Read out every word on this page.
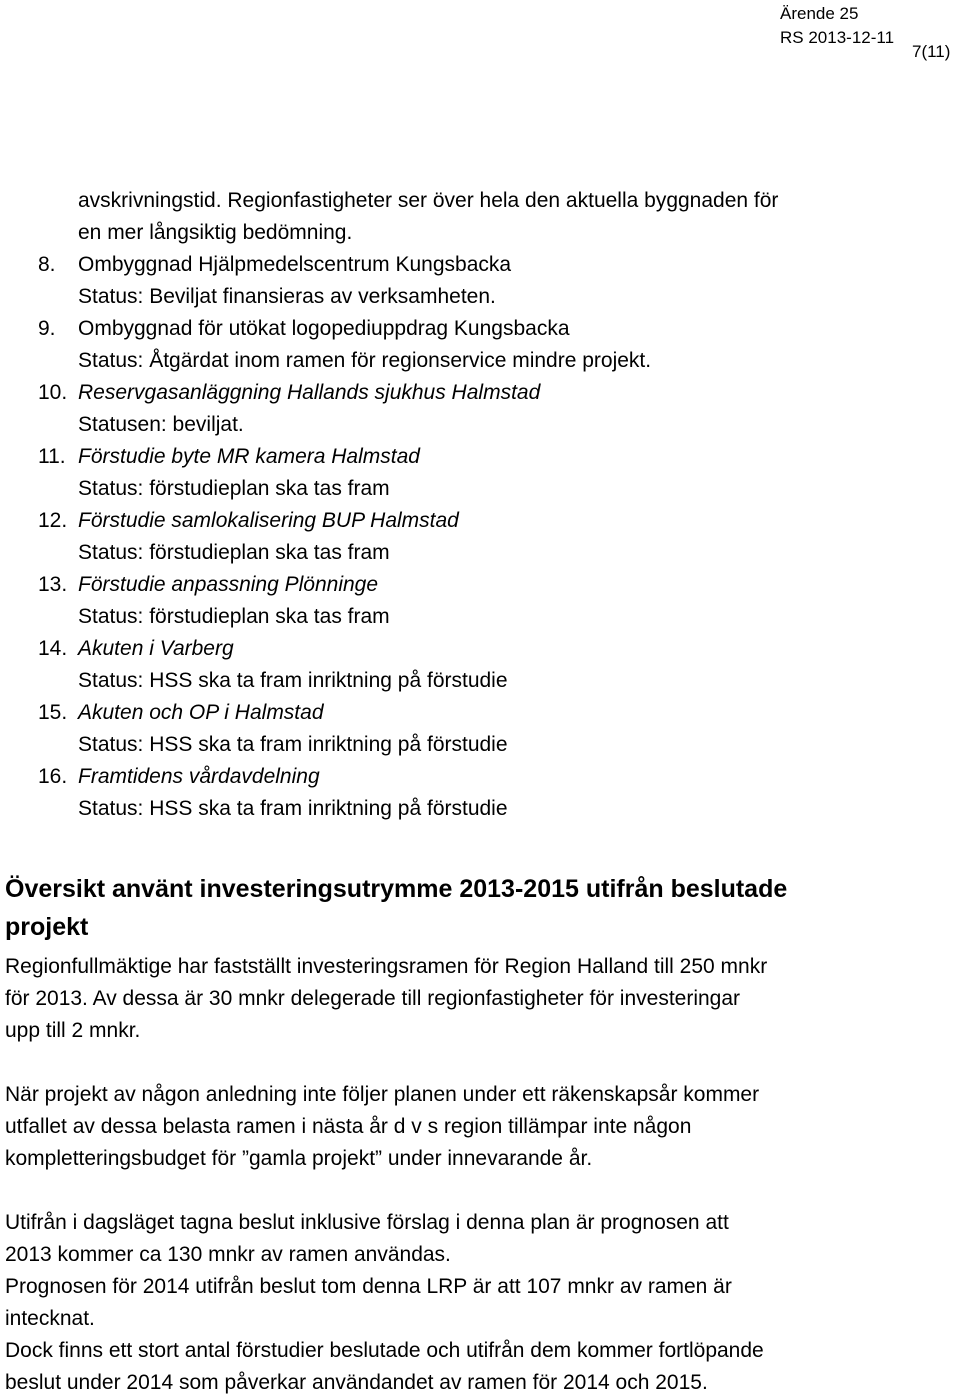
Ärende 25
RS 2013-12-11
7(11)
avskrivningstid. Regionfastigheter ser över hela den aktuella byggnaden för
en mer långsiktig bedömning.
8. Ombyggnad Hjälpmedelscentrum Kungsbacka
Status: Beviljat finansieras av verksamheten.
9. Ombyggnad för utökat logopediuppdrag Kungsbacka
Status: Åtgärdat inom ramen för regionservice mindre projekt.
10. Reservgasanläggning Hallands sjukhus Halmstad
Statusen: beviljat.
11. Förstudie byte MR kamera Halmstad
Status: förstudieplan ska tas fram
12. Förstudie samlokalisering BUP Halmstad
Status: förstudieplan ska tas fram
13. Förstudie anpassning Plönninge
Status: förstudieplan ska tas fram
14. Akuten i Varberg
Status: HSS ska ta fram inriktning på förstudie
15. Akuten och OP i Halmstad
Status: HSS ska ta fram inriktning på förstudie
16. Framtidens vårdavdelning
Status: HSS ska ta fram inriktning på förstudie
Översikt använt investeringsutrymme 2013-2015 utifrån beslutade
projekt

Regionfullmäktige har fastställt investeringsramen för Region Halland till 250 mnkr
för 2013. Av dessa är 30 mnkr delegerade till regionfastigheter för investeringar
upp till 2 mnkr.

När projekt av någon anledning inte följer planen under ett räkenskapsår kommer
utfallet av dessa belasta ramen i nästa år d v s region tillämpar inte någon
kompletteringsbudget för ”gamla projekt” under innevarande år.

Utifrån i dagsläget tagna beslut inklusive förslag i denna plan är prognosen att
2013 kommer ca 130 mnkr av ramen användas.

Prognosen för 2014 utifrån beslut tom denna LRP är att 107 mnkr av ramen är
intecknat.

Dock finns ett stort antal förstudier beslutade och utifrån dem kommer fortlöpande
beslut under 2014 som påverkar användandet av ramen för 2014 och 2015.
